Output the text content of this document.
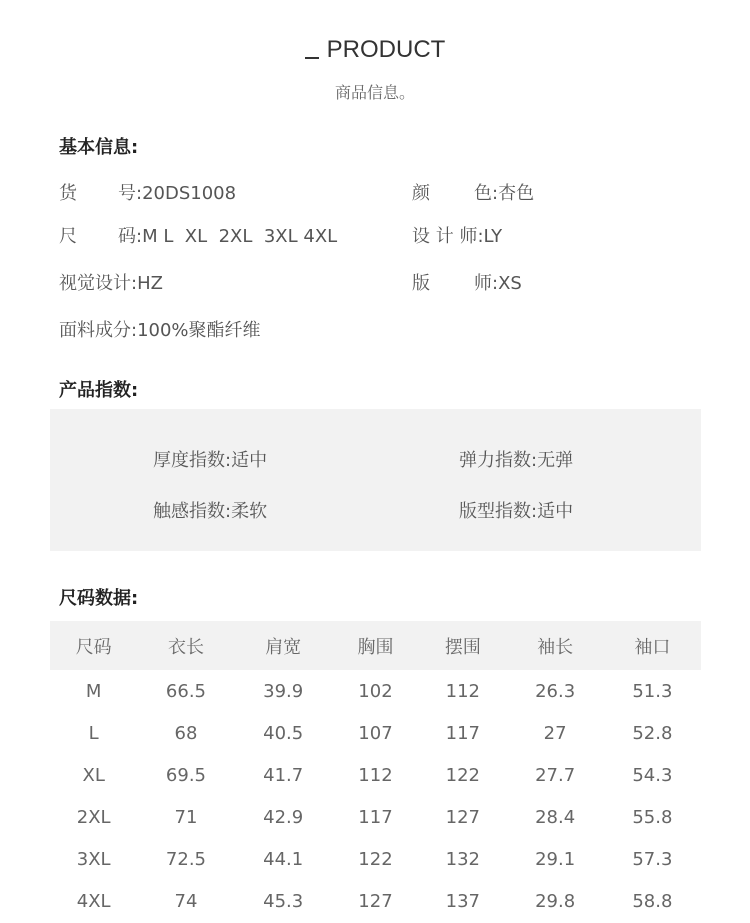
PRODUCT
商品信息。
基本信息:
货 号:20DS1008	颜 色:杏色
尺 码:M L  XL  2XL  3XL 4XL	设 计 师:LY
视觉设计:HZ	版 师:XS
面料成分:100%聚酯纤维
产品指数:
厚度指数:适中	弹力指数:无弹
触感指数:柔软	版型指数:适中
尺码数据:
尺码	衣长	肩宽	胸围	摆围	袖长	袖口
M	66.5	39.9	102	112	26.3	51.3
L	68	40.5	107	117	27	52.8
XL	69.5	41.7	112	122	27.7	54.3
2XL	71	42.9	117	127	28.4	55.8
3XL	72.5	44.1	122	132	29.1	57.3
4XL	74	45.3	127	137	29.8	58.8
